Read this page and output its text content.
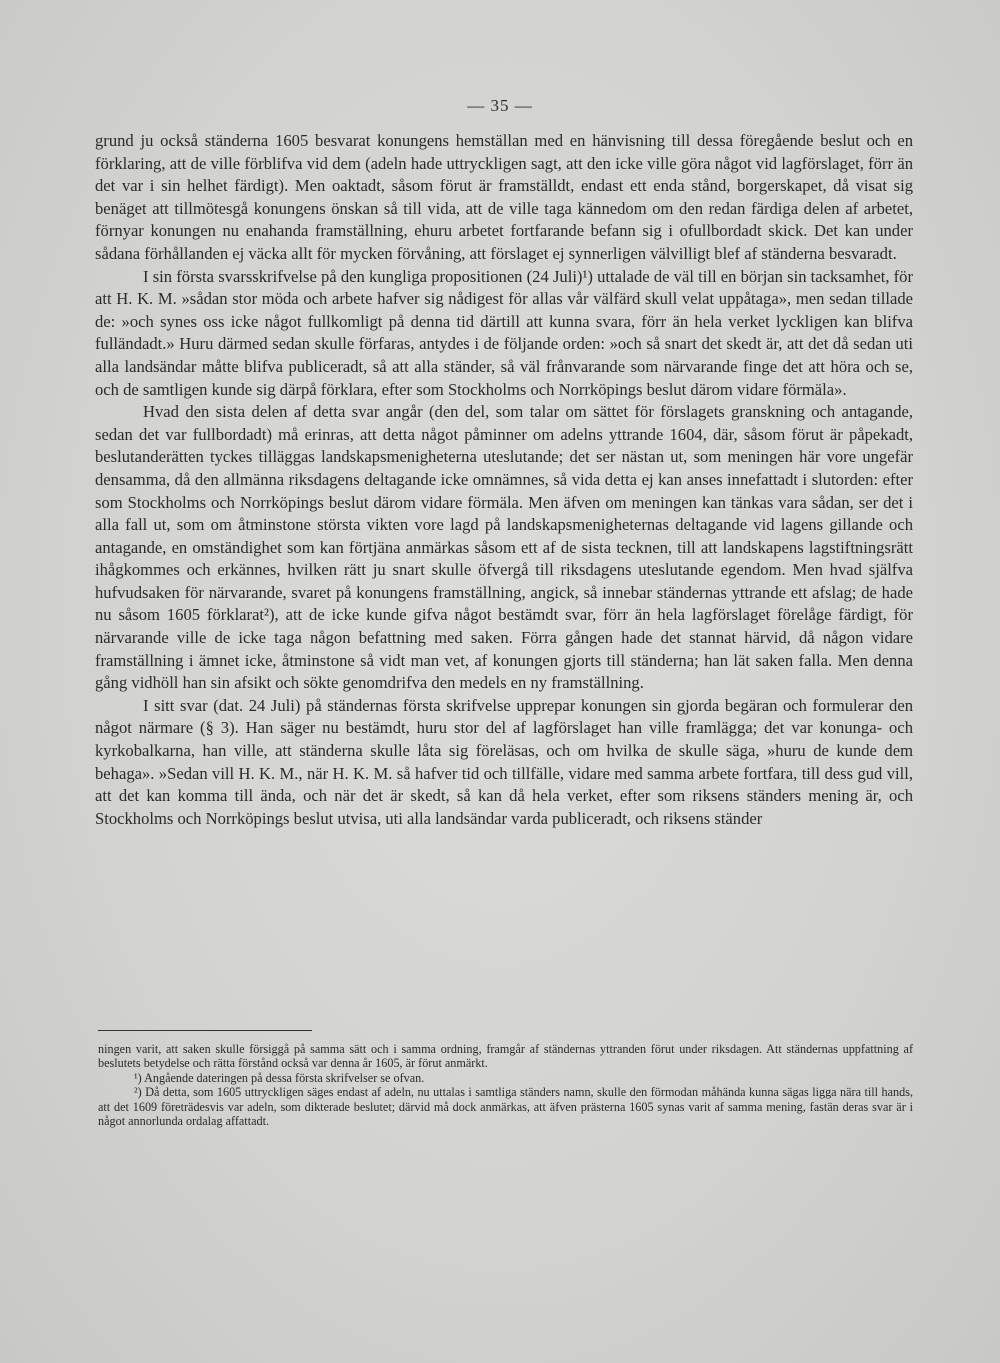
— 35 —

grund ju också ständerna 1605 besvarat konungens hemställan med en hänvisning till dessa föregående beslut och en förklaring, att de ville förblifva vid dem (adeln hade uttryckligen sagt, att den icke ville göra något vid lagförslaget, förr än det var i sin helhet färdigt). Men oaktadt, såsom förut är framställdt, endast ett enda stånd, borgerskapet, då visat sig benäget att tillmötesgå konungens önskan så till vida, att de ville taga kännedom om den redan färdiga delen af arbetet, förnyar konungen nu enahanda framställning, ehuru arbetet fortfarande befann sig i ofullbordadt skick. Det kan under sådana förhållanden ej väcka allt för mycken förvåning, att förslaget ej synnerligen välvilligt blef af ständerna besvaradt.

I sin första svarsskrifvelse på den kungliga propositionen (24 Juli)¹) uttalade de väl till en början sin tacksamhet, för att H. K. M. »sådan stor möda och arbete hafver sig nådigest för allas vår välfärd skull velat uppåtaga», men sedan tillade de: »och synes oss icke något fullkomligt på denna tid därtill att kunna svara, förr än hela verket lyckligen kan blifva fulländadt.» Huru därmed sedan skulle förfaras, antydes i de följande orden: »och så snart det skedt är, att det då sedan uti alla landsändar måtte blifva publiceradt, så att alla ständer, så väl frånvarande som närvarande finge det att höra och se, och de samtligen kunde sig därpå förklara, efter som Stockholms och Norrköpings beslut därom vidare förmäla».

Hvad den sista delen af detta svar angår (den del, som talar om sättet för förslagets granskning och antagande, sedan det var fullbordadt) må erinras, att detta något påminner om adelns yttrande 1604, där, såsom förut är påpekadt, beslutanderätten tyckes tilläggas landskapsmenigheterna uteslutande; det ser nästan ut, som meningen här vore ungefär densamma, då den allmänna riksdagens deltagande icke omnämnes, så vida detta ej kan anses innefattadt i slutorden: efter som Stockholms och Norrköpings beslut därom vidare förmäla. Men äfven om meningen kan tänkas vara sådan, ser det i alla fall ut, som om åtminstone största vikten vore lagd på landskapsmenigheternas deltagande vid lagens gillande och antagande, en omständighet som kan förtjäna anmärkas såsom ett af de sista tecknen, till att landskapens lagstiftningsrätt ihågkommes och erkännes, hvilken rätt ju snart skulle öfvergå till riksdagens uteslutande egendom. Men hvad själfva hufvudsaken för närvarande, svaret på konungens framställning, angick, så innebar ständernas yttrande ett afslag; de hade nu såsom 1605 förklarat²), att de icke kunde gifva något bestämdt svar, förr än hela lagförslaget förelåge färdigt, för närvarande ville de icke taga någon befattning med saken. Förra gången hade det stannat härvid, då någon vidare framställning i ämnet icke, åtminstone så vidt man vet, af konungen gjorts till ständerna; han lät saken falla. Men denna gång vidhöll han sin afsikt och sökte genomdrifva den medels en ny framställning.

I sitt svar (dat. 24 Juli) på ständernas första skrifvelse upprepar konungen sin gjorda begäran och formulerar den något närmare (§ 3). Han säger nu bestämdt, huru stor del af lagförslaget han ville framlägga; det var konunga- och kyrkobalkarna, han ville, att ständerna skulle låta sig föreläsas, och om hvilka de skulle säga, »huru de kunde dem behaga». »Sedan vill H. K. M., när H. K. M. så hafver tid och tillfälle, vidare med samma arbete fortfara, till dess gud vill, att det kan komma till ända, och när det är skedt, så kan då hela verket, efter som riksens ständers mening är, och Stockholms och Norrköpings beslut utvisa, uti alla landsändar varda publiceradt, och riksens ständer

ningen varit, att saken skulle försiggå på samma sätt och i samma ordning, framgår af ständernas yttranden förut under riksdagen. Att ständernas uppfattning af beslutets betydelse och rätta förstånd också var denna år 1605, är förut anmärkt.

¹) Angående dateringen på dessa första skrifvelser se ofvan.

²) Då detta, som 1605 uttryckligen säges endast af adeln, nu uttalas i samtliga ständers namn, skulle den förmodan måhända kunna sägas ligga nära till hands, att det 1609 företrädesvis var adeln, som dikterade beslutet; därvid må dock anmärkas, att äfven prästerna 1605 synas varit af samma mening, fastän deras svar är i något annorlunda ordalag affattadt.
